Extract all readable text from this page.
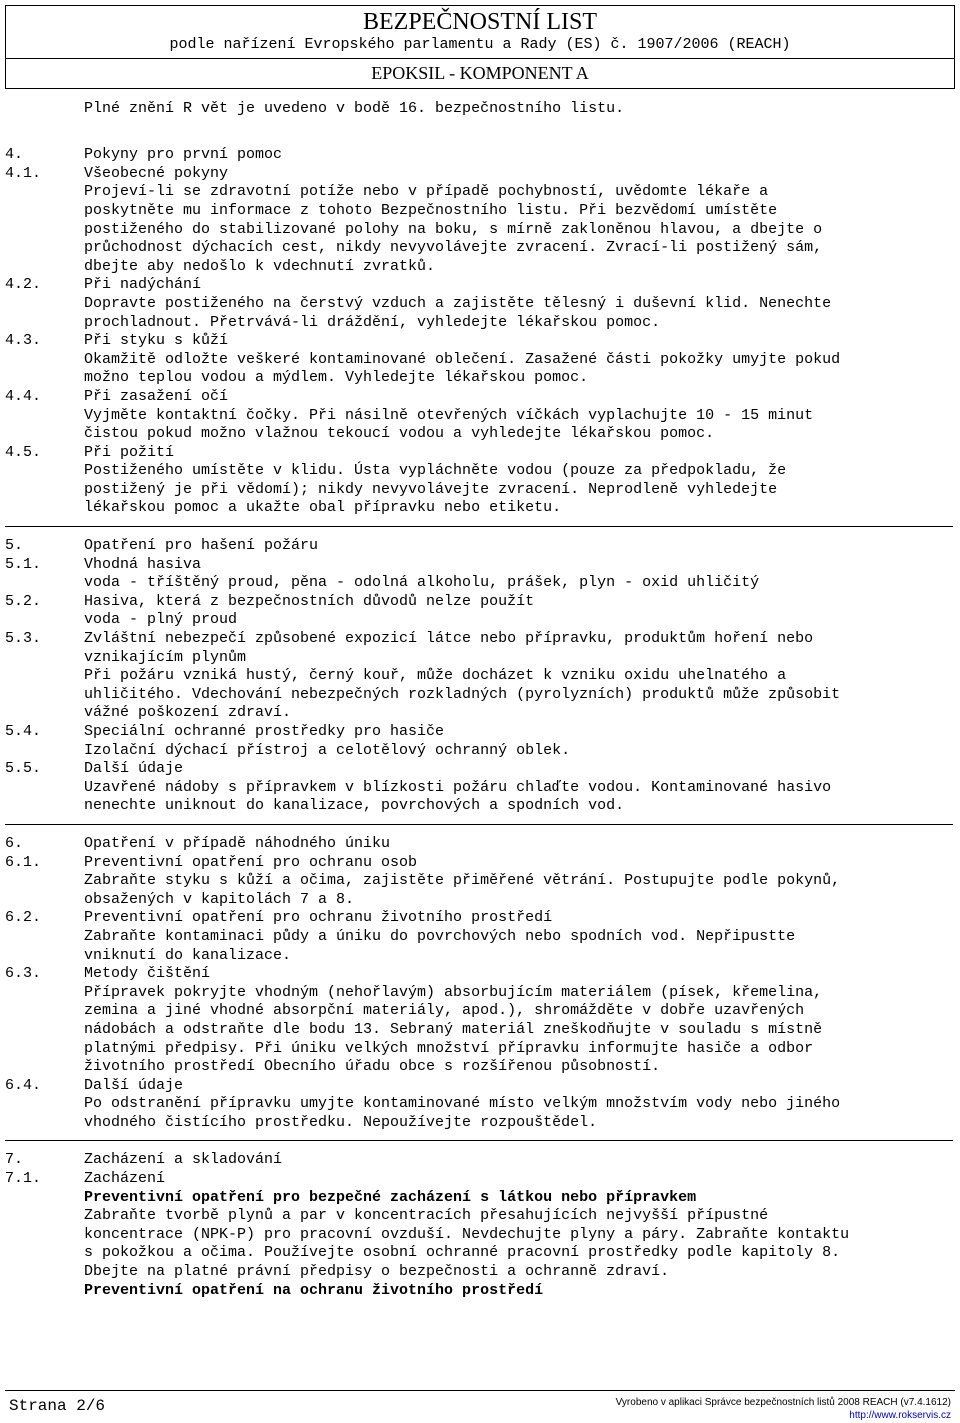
BEZPEČNOSTNÍ LIST
podle nařízení Evropského parlamentu a Rady (ES) č. 1907/2006 (REACH)
EPOKSIL - KOMPONENT A
Plné znění R vět je uvedeno v bodě 16. bezpečnostního listu.
4.	Pokyny pro první pomoc
4.1.	Všeobecné pokyny
Projeví-li se zdravotní potíže nebo v případě pochybností, uvědomte lékaře a
poskytněte mu informace z tohoto Bezpečnostního listu. Při bezvědomí umístěte
postiženého do stabilizované polohy na boku, s mírně zakloněnou hlavou, a dbejte o
průchodnost dýchacích cest, nikdy nevyvolávejte zvracení. Zvrací-li postižený sám,
dbejte aby nedošlo k vdechnutí zvratků.
4.2.	Při nadýchání
Dopravte postiženého na čerstvý vzduch a zajistěte tělesný i duševní klid. Nenechte
prochladnout. Přetrvává-li dráždění, vyhledejte lékařskou pomoc.
4.3.	Při styku s kůží
Okamžitě odložte veškeré kontaminované oblečení. Zasažené části pokožky umyjte pokud
možno teplou vodou a mýdlem. Vyhledejte lékařskou pomoc.
4.4.	Při zasažení očí
Vyjměte kontaktní čočky. Při násilně otevřených víčkách vyplachujte 10 - 15 minut
čistou pokud možno vlažnou tekoucí vodou a vyhledejte lékařskou pomoc.
4.5.	Při požití
Postiženého umístěte v klidu. Ústa vypláchněte vodou (pouze za předpokladu, že
postižený je při vědomí); nikdy nevyvolávejte zvracení. Neprodleně vyhledejte
lékařskou pomoc a ukažte obal přípravku nebo etiketu.
5.	Opatření pro hašení požáru
5.1.	Vhodná hasiva
voda - tříštěný proud, pěna - odolná alkoholu, prášek, plyn - oxid uhličitý
5.2.	Hasiva, která z bezpečnostních důvodů nelze použít
voda - plný proud
5.3.	Zvláštní nebezpečí způsobené expozicí látce nebo přípravku, produktům hoření nebo
vznikajícím plynům
Při požáru vzniká hustý, černý kouř, může docházet k vzniku oxidu uhelnatého a
uhličitého. Vdechování nebezpečných rozkladných (pyrolyzních) produktů může způsobit
vážné poškození zdraví.
5.4.	Speciální ochranné prostředky pro hasiče
Izolační dýchací přístroj a celotělový ochranný oblek.
5.5.	Další údaje
Uzavřené nádoby s přípravkem v blízkosti požáru chlaďte vodou. Kontaminované hasivo
nenechte uniknout do kanalizace, povrchových a spodních vod.
6.	Opatření v případě náhodného úniku
6.1.	Preventivní opatření pro ochranu osob
Zabraňte styku s kůží a očima, zajistěte přiměřené větrání. Postupujte podle pokynů,
obsažených v kapitolách 7 a 8.
6.2.	Preventivní opatření pro ochranu životního prostředí
Zabraňte kontaminaci půdy a úniku do povrchových nebo spodních vod. Nepřipustte
vniknutí do kanalizace.
6.3.	Metody čištění
Přípravek pokryjte vhodným (nehořlavým) absorbujícím materiálem (písek, křemelina,
zemina a jiné vhodné absorpční materiály, apod.), shromážděte v dobře uzavřených
nádobách a odstraňte dle bodu 13. Sebraný materiál zneškodňujte v souladu s místně
platnými předpisy. Při úniku velkých množství přípravku informujte hasiče a odbor
životního prostředí Obecního úřadu obce s rozšířenou působností.
6.4.	Další údaje
Po odstranění přípravku umyjte kontaminované místo velkým množstvím vody nebo jiného
vhodného čistícího prostředku. Nepoužívejte rozpouštědel.
7.	Zacházení a skladování
7.1.	Zacházení
Preventivní opatření pro bezpečné zacházení s látkou nebo přípravkem
Zabraňte tvorbě plynů a par v koncentracích přesahujících nejvyšší přípustné
koncentrace (NPK-P) pro pracovní ovzduší. Nevdechujte plyny a páry. Zabraňte kontaktu
s pokožkou a očima. Používejte osobní ochranné pracovní prostředky podle kapitoly 8.
Dbejte na platné právní předpisy o bezpečnosti a ochranně zdraví.
Preventivní opatření na ochranu životního prostředí
Strana 2/6	Vyrobeno v aplikaci Správce bezpečnostních listů 2008 REACH (v7.4.1612)
http://www.rokservis.cz
